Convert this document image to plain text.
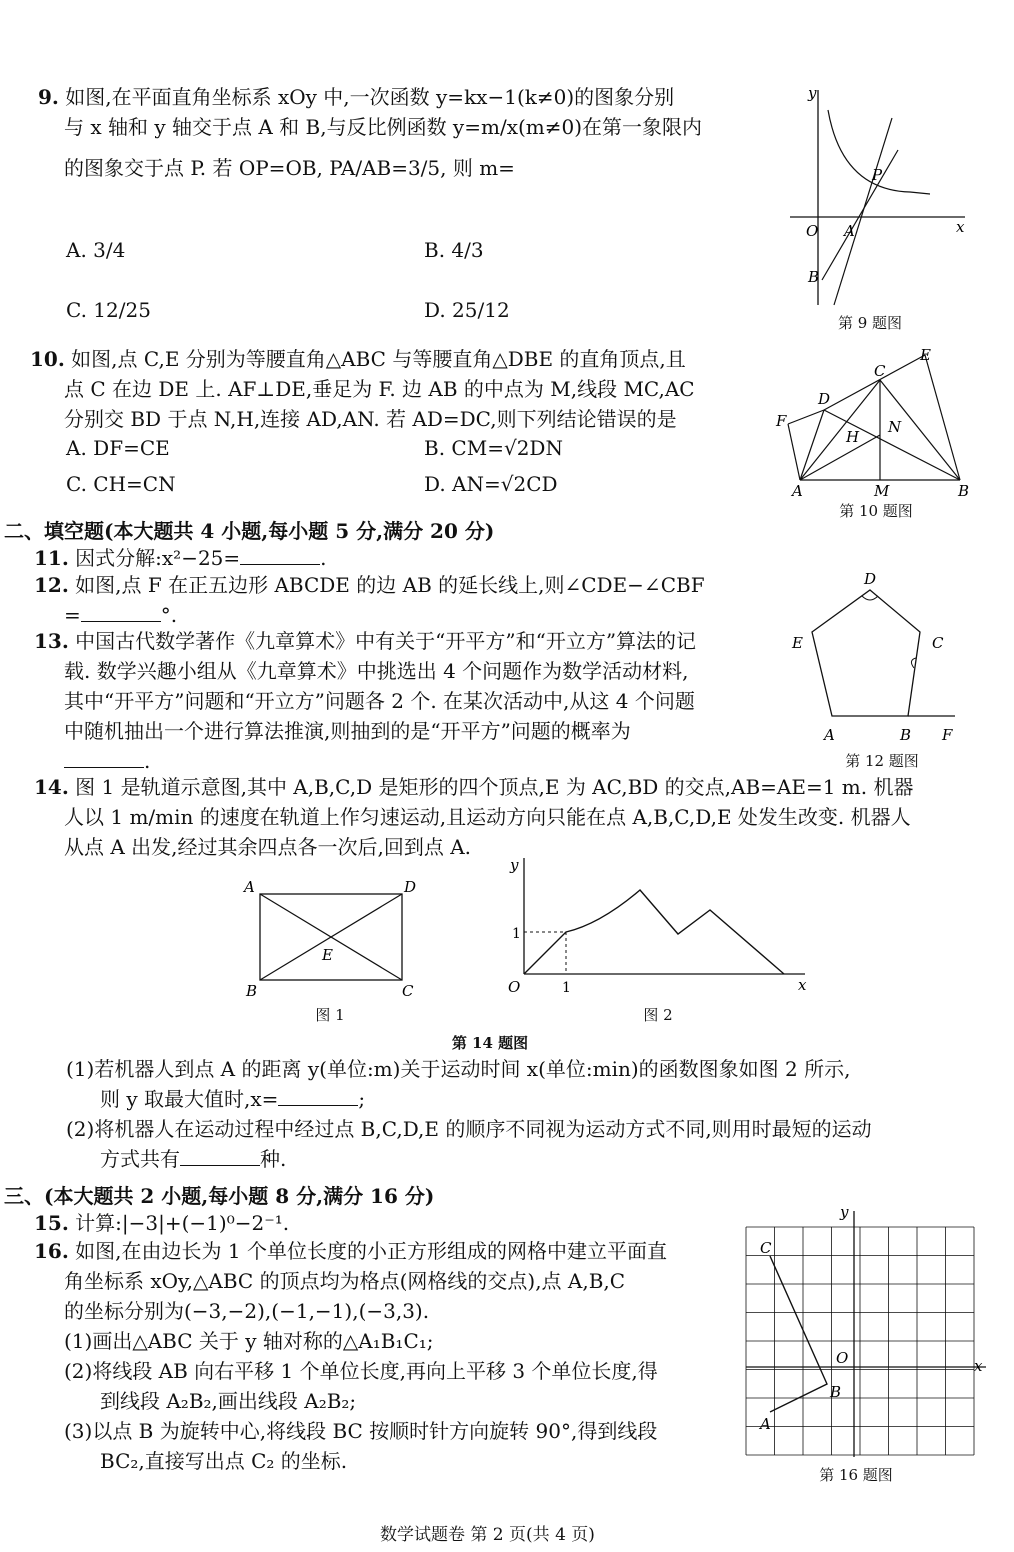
9. 如图,在平面直角坐标系 xOy 中,一次函数 y=kx−1(k≠0)的图象分别
与 x 轴和 y 轴交于点 A 和 B,与反比例函数 y=m/x(m≠0)在第一象限内
的图象交于点 P. 若 OP=OB, PA/AB=3/5, 则 m=
A. 3/4	B. 4/3
C. 12/25	D. 25/12
y
x
O A
B
P
第 9 题图
10. 如图,点 C,E 分别为等腰直角△ABC 与等腰直角△DBE 的直角顶点,且
点 C 在边 DE 上. AF⊥DE,垂足为 F. 边 AB 的中点为 M,线段 MC,AC
分别交 BD 于点 N,H,连接 AD,AN. 若 AD=DC,则下列结论错误的是
A. DF=CE	B. CM=√2DN
C. CH=CN	D. AN=√2CD
C
E
D
F
H
N
A	M	B
第 10 题图
二、填空题(本大题共 4 小题,每小题 5 分,满分 20 分)
11. 因式分解:x²−25=	.
12. 如图,点 F 在正五边形 ABCDE 的边 AB 的延长线上,则∠CDE−∠CBF
=	°.
D
E	C
A	B F
第 12 题图
13. 中国古代数学著作《九章算术》中有关于“开平方”和“开立方”算法的记
载. 数学兴趣小组从《九章算术》中挑选出 4 个问题作为数学活动材料,
其中“开平方”问题和“开立方”问题各 2 个. 在某次活动中,从这 4 个问题
中随机抽出一个进行算法推演,则抽到的是“开平方”问题的概率为
.
14. 图 1 是轨道示意图,其中 A,B,C,D 是矩形的四个顶点,E 为 AC,BD 的交点,AB=AE=1 m. 机器
人以 1 m/min 的速度在轨道上作匀速运动,且运动方向只能在点 A,B,C,D,E 处发生改变. 机器人
从点 A 出发,经过其余四点各一次后,回到点 A.
A	D
B	C
E
图 1
y
x
O
1
1
图 2
第 14 题图
(1)若机器人到点 A 的距离 y(单位:m)关于运动时间 x(单位:min)的函数图象如图 2 所示,
则 y 取最大值时,x=	;
(2)将机器人在运动过程中经过点 B,C,D,E 的顺序不同视为运动方式不同,则用时最短的运动
方式共有	种.
三、(本大题共 2 小题,每小题 8 分,满分 16 分)
15. 计算:|−3|+(−1)⁰−2⁻¹.
16. 如图,在由边长为 1 个单位长度的小正方形组成的网格中建立平面直
角坐标系 xOy,△ABC 的顶点均为格点(网格线的交点),点 A,B,C
的坐标分别为(−3,−2),(−1,−1),(−3,3).
(1)画出△ABC 关于 y 轴对称的△A₁B₁C₁;
(2)将线段 AB 向右平移 1 个单位长度,再向上平移 3 个单位长度,得
到线段 A₂B₂,画出线段 A₂B₂;
(3)以点 B 为旋转中心,将线段 BC 按顺时针方向旋转 90°,得到线段
BC₂,直接写出点 C₂ 的坐标.
y
x
O
C
B
A
第 16 题图
数学试题卷 第 2 页(共 4 页)
